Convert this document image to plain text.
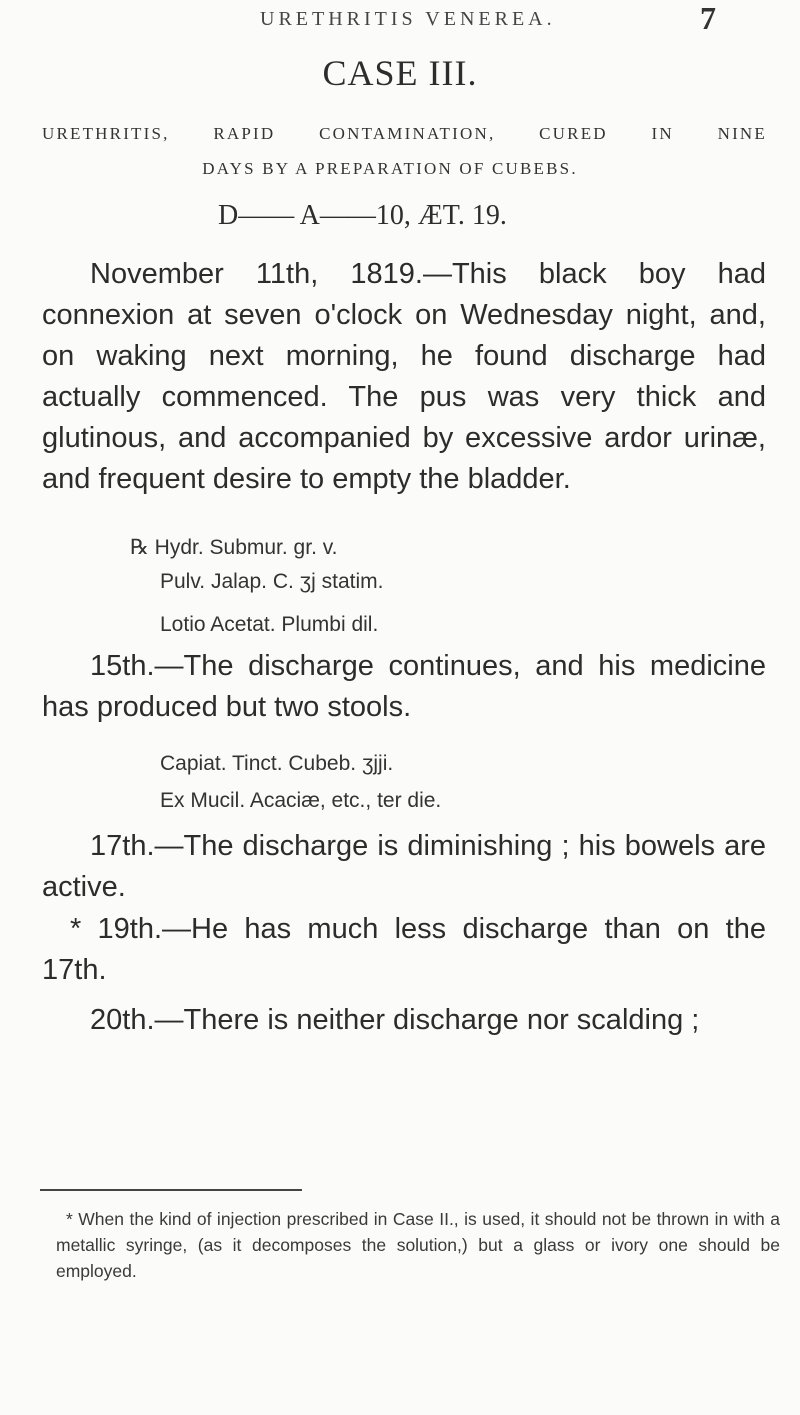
URETHRITIS VENEREA.	7
CASE III.
URETHRITIS, RAPID CONTAMINATION, CURED IN NINE
DAYS BY A PREPARATION OF CUBEBS.
D—— A——10, ÆT. 19.
November 11th, 1819.—This black boy had connexion at seven o'clock on Wednesday night, and, on waking next morning, he found discharge had actually commenced. The pus was very thick and glutinous, and accompanied by excessive ardor urinæ, and frequent desire to empty the bladder.
℞ Hydr. Submur. gr. v.
Pulv. Jalap. C. ʒj statim.
Lotio Acetat. Plumbi dil.
15th.—The discharge continues, and his medicine has produced but two stools.
Capiat. Tinct. Cubeb. ʒjji.
Ex Mucil. Acaciæ, etc., ter die.
17th.—The discharge is diminishing ; his bowels are active.
* 19th.—He has much less discharge than on the 17th.
20th.—There is neither discharge nor scalding ;
* When the kind of injection prescribed in Case II., is used, it should not be thrown in with a metallic syringe, (as it decomposes the solution,) but a glass or ivory one should be employed.
